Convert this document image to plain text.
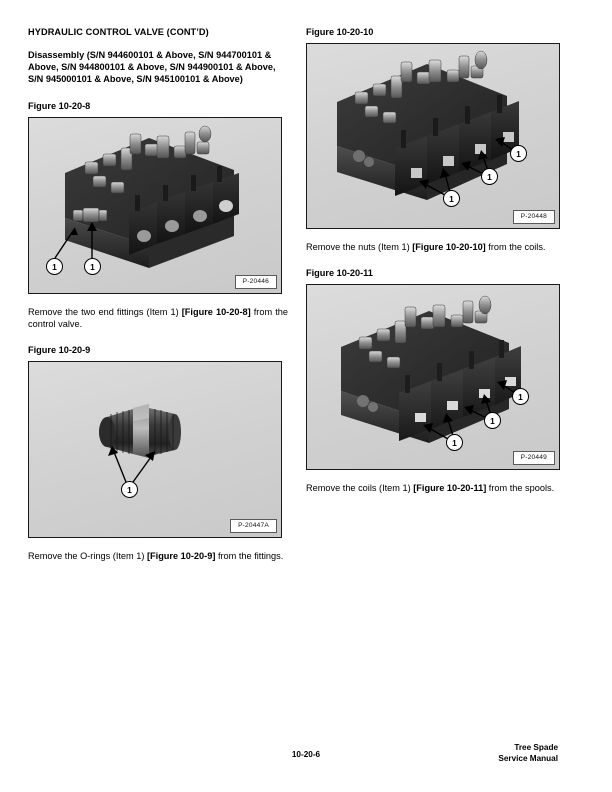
HYDRAULIC CONTROL VALVE (CONT’D)
Disassembly (S/N 944600101 & Above, S/N 944700101 & Above, S/N 944800101 & Above, S/N 944900101 & Above, S/N 945000101 & Above, S/N 945100101 & Above)
Figure 10-20-8
1	1
P-20446
Remove the two end fittings (Item 1) [Figure 10-20-8] from the control valve.
Figure 10-20-9
1
P-20447A
Remove the O-rings (Item 1) [Figure 10-20-9] from the fittings.
Figure 10-20-10
1
1
1
P-20448
Remove the nuts (Item 1) [Figure 10-20-10] from the coils.
Figure 10-20-11
1
1
1
P-20449
Remove the coils (Item 1) [Figure 10-20-11] from the spools.
10-20-6
Tree Spade
Service Manual
